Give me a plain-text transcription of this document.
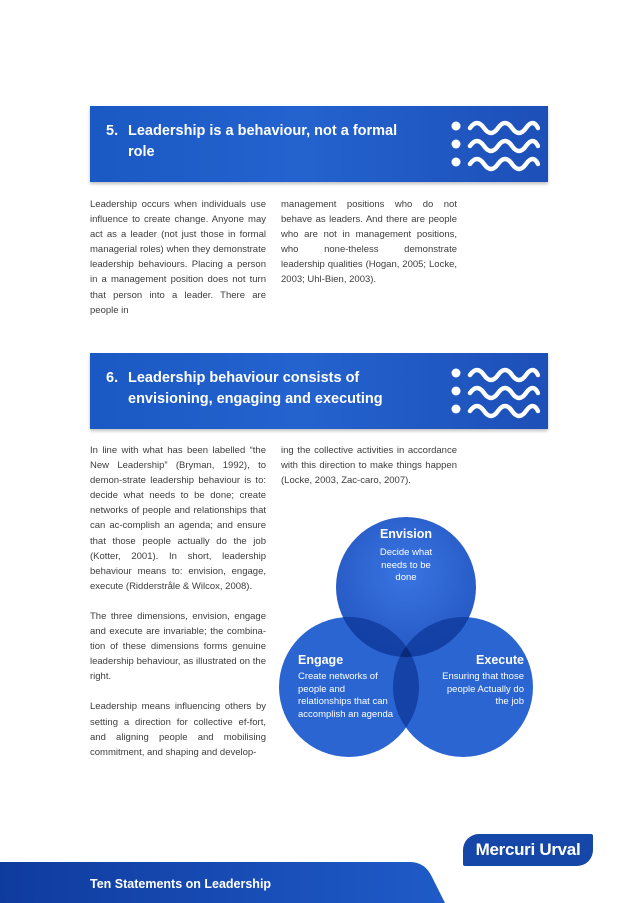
5. Leadership is a behaviour, not a formal role

Leadership occurs when individuals use influence to create change. Anyone may act as a leader (not just those in formal managerial roles) when they demonstrate leadership behaviours. Placing a person in a management position does not turn that person into a leader. There are people in

management positions who do not behave as leaders. And there are people who are not in management positions, who none-theless demonstrate leadership qualities (Hogan, 2005; Locke, 2003; Uhl-Bien, 2003).

6. Leadership behaviour consists of envisioning, engaging and executing

In line with what has been labelled “the New Leadership” (Bryman, 1992), to demon-strate leadership behaviour is to: decide what needs to be done; create networks of people and relationships that can ac-complish an agenda; and ensure that those people actually do the job (Kotter, 2001). In short, leadership behaviour means to: envision, engage, execute (Ridderstråle & Wilcox, 2008).

The three dimensions, envision, engage and execute are invariable; the combina-tion of these dimensions forms genuine leadership behaviour, as illustrated on the right.

Leadership means influencing others by setting a direction for collective ef-fort, and aligning people and mobilising commitment, and shaping and develop-

ing the collective activities in accordance with this direction to make things happen (Locke, 2003, Zac-caro, 2007).

Envision
Decide what needs to be done
Engage
Create networks of people and relationships that can accomplish an agenda
Execute
Ensuring that those people Actually do the job
Mercuri Urval
Ten Statements on Leadership
